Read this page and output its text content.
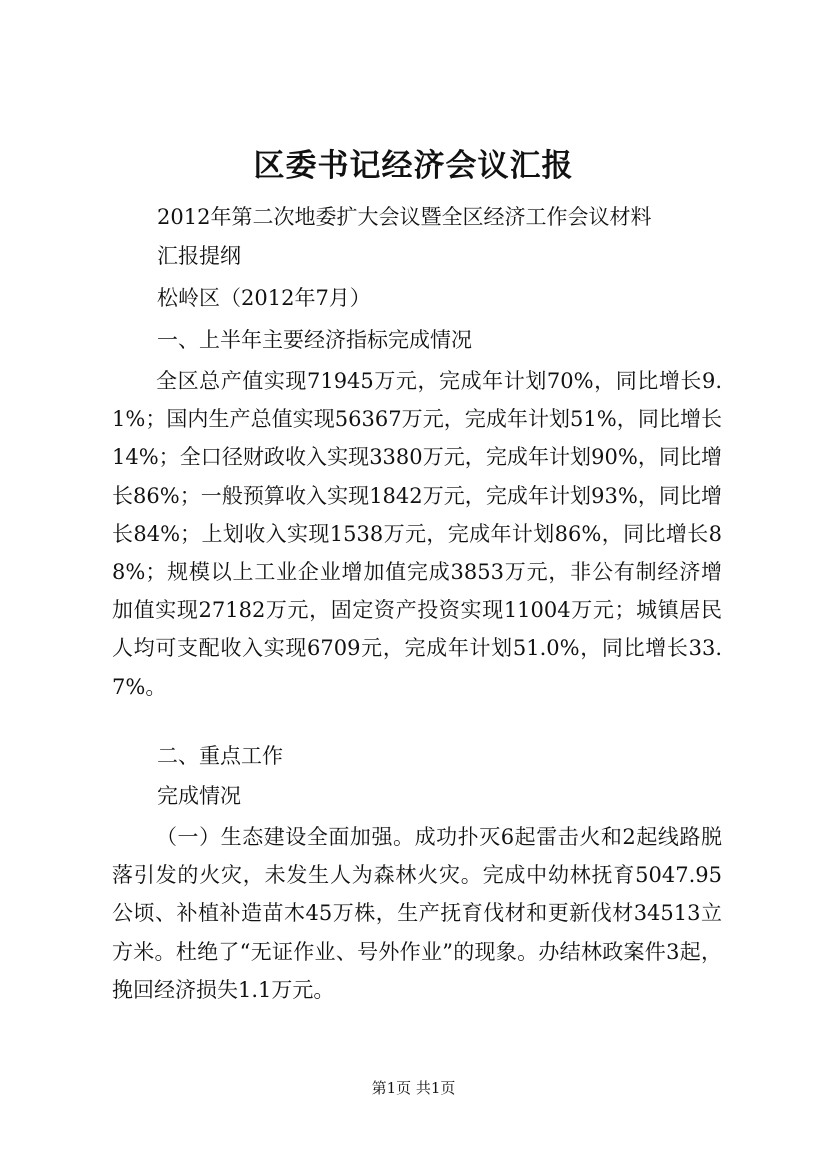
区委书记经济会议汇报
2012年第二次地委扩大会议暨全区经济工作会议材料
汇报提纲
松岭区（2012年7月）
一、上半年主要经济指标完成情况
全区总产值实现71945万元，完成年计划70%，同比增长9.1%；国内生产总值实现56367万元，完成年计划51%，同比增长14%；全口径财政收入实现3380万元，完成年计划90%，同比增长86%；一般预算收入实现1842万元，完成年计划93%，同比增长84%；上划收入实现1538万元，完成年计划86%，同比增长88%；规模以上工业企业增加值完成3853万元，非公有制经济增加值实现27182万元，固定资产投资实现11004万元；城镇居民人均可支配收入实现6709元，完成年计划51.0%，同比增长33.7%。
二、重点工作
完成情况
（一）生态建设全面加强。成功扑灭6起雷击火和2起线路脱落引发的火灾，未发生人为森林火灾。完成中幼林抚育5047.95公顷、补植补造苗木45万株，生产抚育伐材和更新伐材34513立方米。杜绝了“无证作业、号外作业”的现象。办结林政案件3起，挽回经济损失1.1万元。
第1页 共1页
